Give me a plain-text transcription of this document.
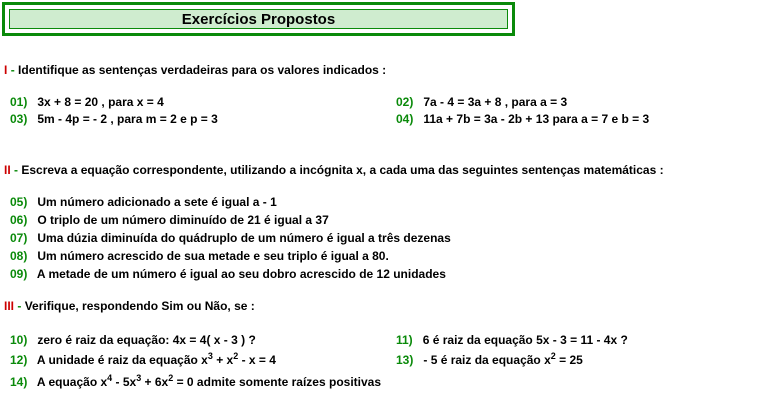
Exercícios Propostos
I - Identifique as sentenças verdadeiras para os valores indicados :
01) 3x + 8 = 20 , para x = 4	02) 7a - 4 = 3a + 8 , para a = 3
03) 5m - 4p = - 2 , para m = 2 e p = 3	04) 11a + 7b = 3a - 2b + 13 para a = 7 e b = 3
II - Escreva a equação correspondente, utilizando a incógnita x, a cada uma das seguintes sentenças matemáticas :
05) Um número adicionado a sete é igual a - 1
06) O triplo de um número diminuído de 21 é igual a 37
07) Uma dúzia diminuída do quádruplo de um número é igual a três dezenas
08) Um número acrescido de sua metade e seu triplo é igual a 80.
09) A metade de um número é igual ao seu dobro acrescido de 12 unidades
III - Verifique, respondendo Sim ou Não, se :
10) zero é raiz da equação: 4x = 4( x - 3 ) ?	11) 6 é raiz da equação 5x - 3 = 11 - 4x ?
12) A unidade é raiz da equação $x^3 + x^2 - x = 4$	13) - 5 é raiz da equação $x^2 = 25$
14) A equação $x^4 - 5x^3 + 6x^2 = 0$ admite somente raízes positivas
